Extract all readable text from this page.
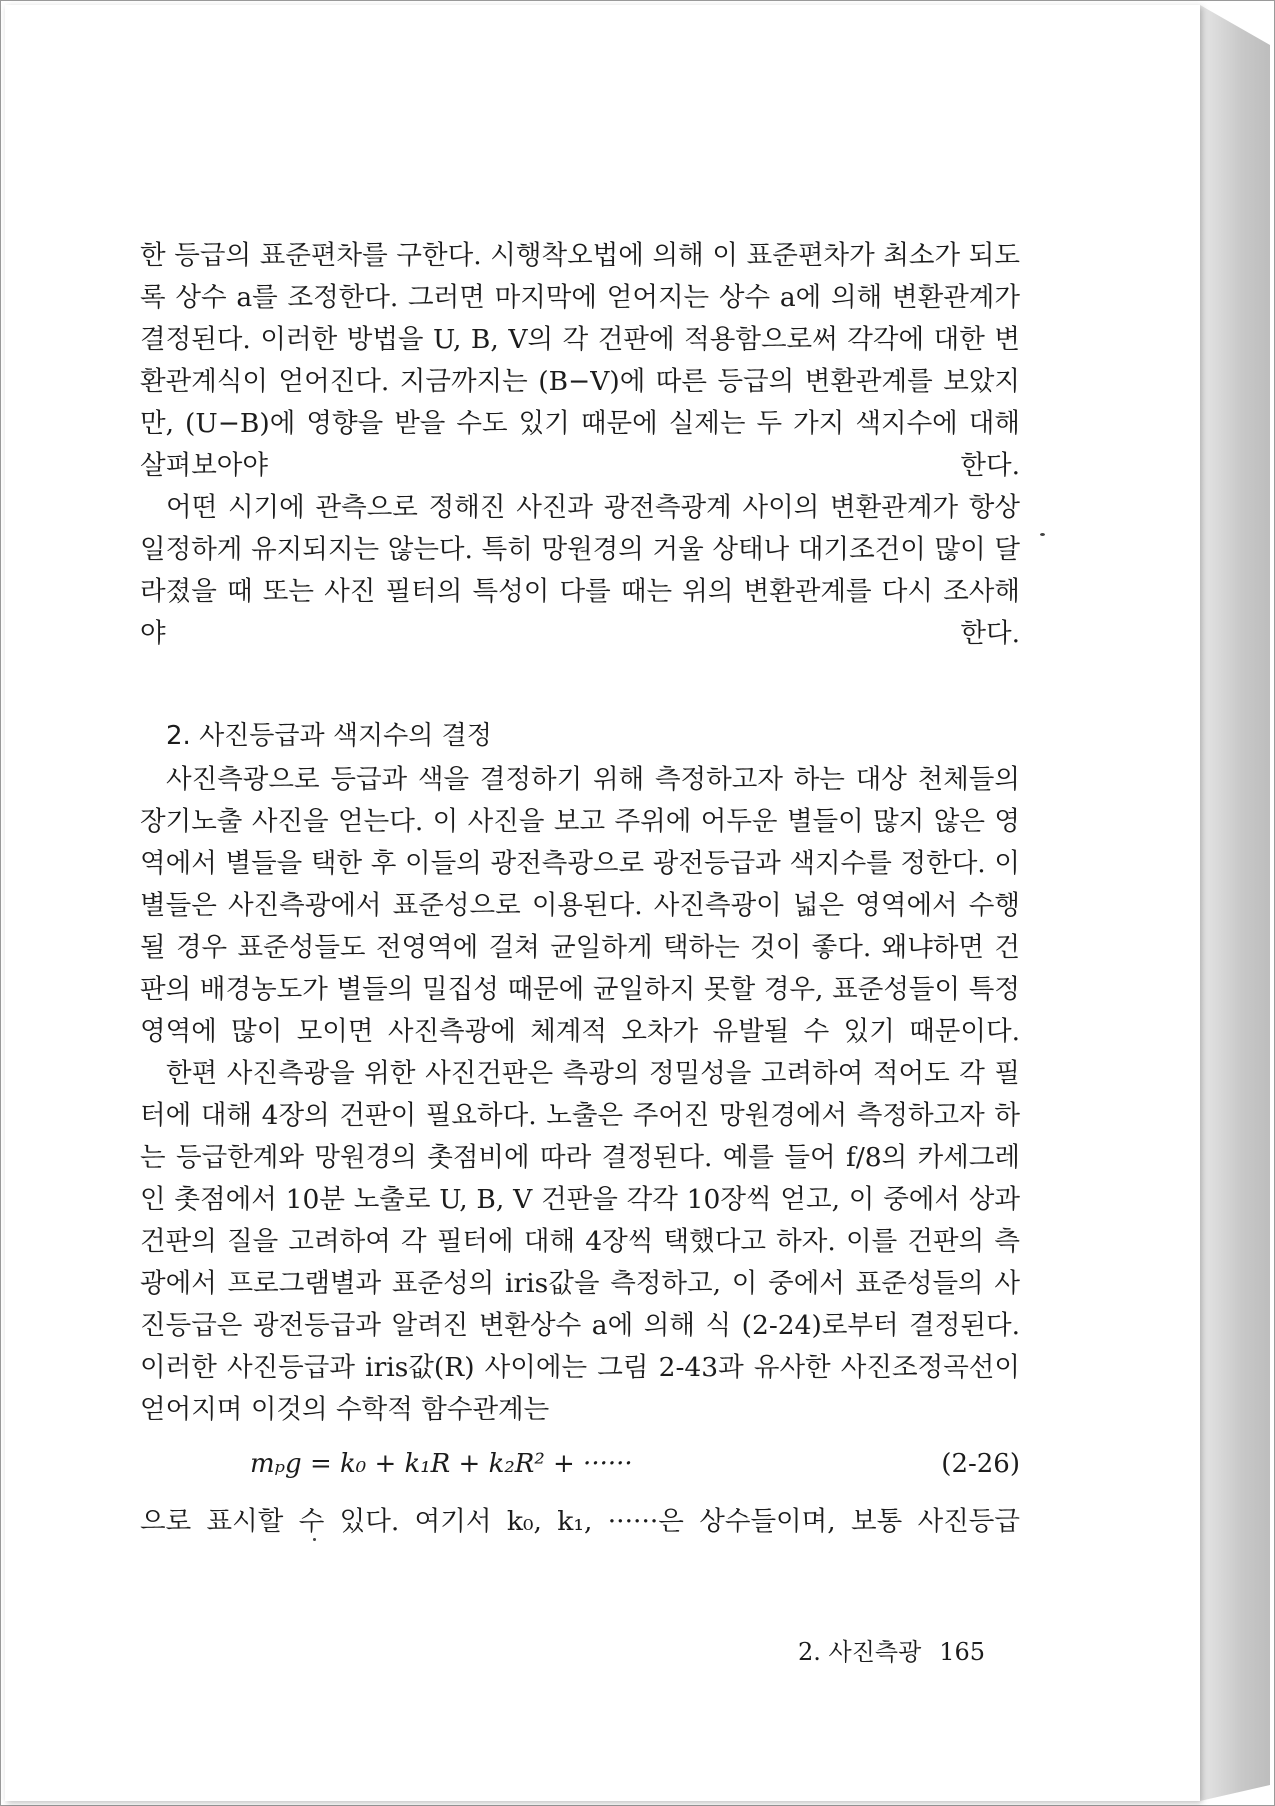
한 등급의 표준편차를 구한다. 시행착오법에 의해 이 표준편차가 최소가 되도록 상수 a를 조정한다. 그러면 마지막에 얻어지는 상수 a에 의해 변환관계가 결정된다. 이러한 방법을 U, B, V의 각 건판에 적용함으로써 각각에 대한 변환관계식이 얻어진다. 지금까지는 (B−V)에 따른 등급의 변환관계를 보았지만, (U−B)에 영향을 받을 수도 있기 때문에 실제는 두 가지 색지수에 대해 살펴보아야 한다.

어떤 시기에 관측으로 정해진 사진과 광전측광계 사이의 변환관계가 항상 일정하게 유지되지는 않는다. 특히 망원경의 거울 상태나 대기조건이 많이 달라졌을 때 또는 사진 필터의 특성이 다를 때는 위의 변환관계를 다시 조사해야 한다.

2. 사진등급과 색지수의 결정

사진측광으로 등급과 색을 결정하기 위해 측정하고자 하는 대상 천체들의 장기노출 사진을 얻는다. 이 사진을 보고 주위에 어두운 별들이 많지 않은 영역에서 별들을 택한 후 이들의 광전측광으로 광전등급과 색지수를 정한다. 이 별들은 사진측광에서 표준성으로 이용된다. 사진측광이 넓은 영역에서 수행될 경우 표준성들도 전영역에 걸쳐 균일하게 택하는 것이 좋다. 왜냐하면 건판의 배경농도가 별들의 밀집성 때문에 균일하지 못할 경우, 표준성들이 특정영역에 많이 모이면 사진측광에 체계적 오차가 유발될 수 있기 때문이다.

한편 사진측광을 위한 사진건판은 측광의 정밀성을 고려하여 적어도 각 필터에 대해 4장의 건판이 필요하다. 노출은 주어진 망원경에서 측정하고자 하는 등급한계와 망원경의 촛점비에 따라 결정된다. 예를 들어 f/8의 카세그레인 촛점에서 10분 노출로 U, B, V 건판을 각각 10장씩 얻고, 이 중에서 상과 건판의 질을 고려하여 각 필터에 대해 4장씩 택했다고 하자. 이를 건판의 측광에서 프로그램별과 표준성의 iris값을 측정하고, 이 중에서 표준성들의 사진등급은 광전등급과 알려진 변환상수 a에 의해 식 (2-24)로부터 결정된다. 이러한 사진등급과 iris값(R) 사이에는 그림 2-43과 유사한 사진조정곡선이 얻어지며 이것의 수학적 함수관계는

mₚg = k₀ + k₁R + k₂R² + ······	(2-26)

으로 표시할 수 있다. 여기서 k₀, k₁, ······은 상수들이며, 보통 사진등급

2. 사진측광 165
